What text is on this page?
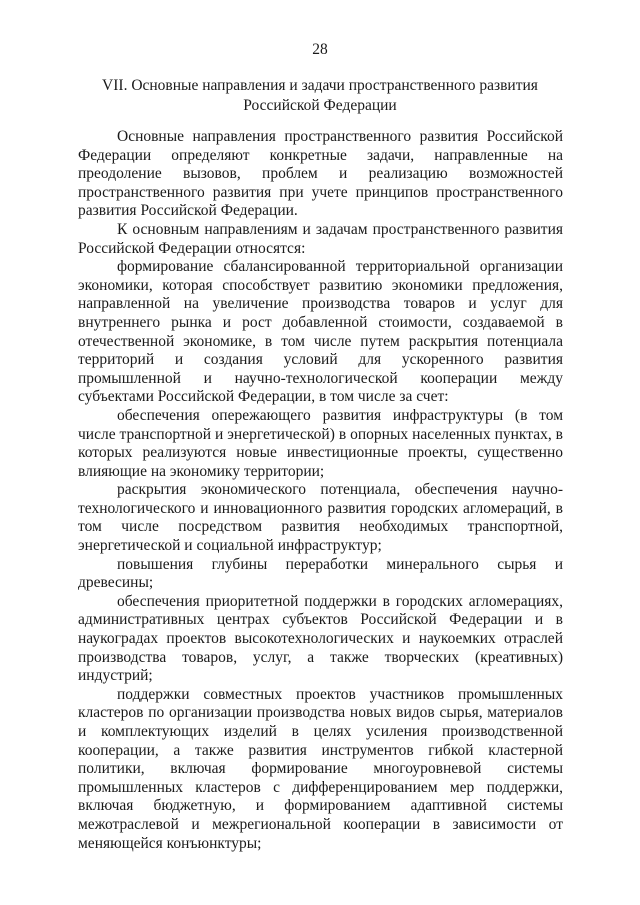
28
VII. Основные направления и задачи пространственного развития
Российской Федерации

Основные направления пространственного развития Российской Федерации определяют конкретные задачи, направленные на преодоление вызовов, проблем и реализацию возможностей пространственного развития при учете принципов пространственного развития Российской Федерации.

К основным направлениям и задачам пространственного развития Российской Федерации относятся:

формирование сбалансированной территориальной организации экономики, которая способствует развитию экономики предложения, направленной на увеличение производства товаров и услуг для внутреннего рынка и рост добавленной стоимости, создаваемой в отечественной экономике, в том числе путем раскрытия потенциала территорий и создания условий для ускоренного развития промышленной и научно-технологической кооперации между субъектами Российской Федерации, в том числе за счет:

обеспечения опережающего развития инфраструктуры (в том числе транспортной и энергетической) в опорных населенных пунктах, в которых реализуются новые инвестиционные проекты, существенно влияющие на экономику территории;

раскрытия экономического потенциала, обеспечения научно-технологического и инновационного развития городских агломераций, в том числе посредством развития необходимых транспортной, энергетической и социальной инфраструктур;

повышения глубины переработки минерального сырья и древесины;

обеспечения приоритетной поддержки в городских агломерациях, административных центрах субъектов Российской Федерации и в наукоградах проектов высокотехнологических и наукоемких отраслей производства товаров, услуг, а также творческих (креативных) индустрий;

поддержки совместных проектов участников промышленных кластеров по организации производства новых видов сырья, материалов и комплектующих изделий в целях усиления производственной кооперации, а также развития инструментов гибкой кластерной политики, включая формирование многоуровневой системы промышленных кластеров с дифференцированием мер поддержки, включая бюджетную, и формированием адаптивной системы межотраслевой и межрегиональной кооперации в зависимости от меняющейся конъюнктуры;
